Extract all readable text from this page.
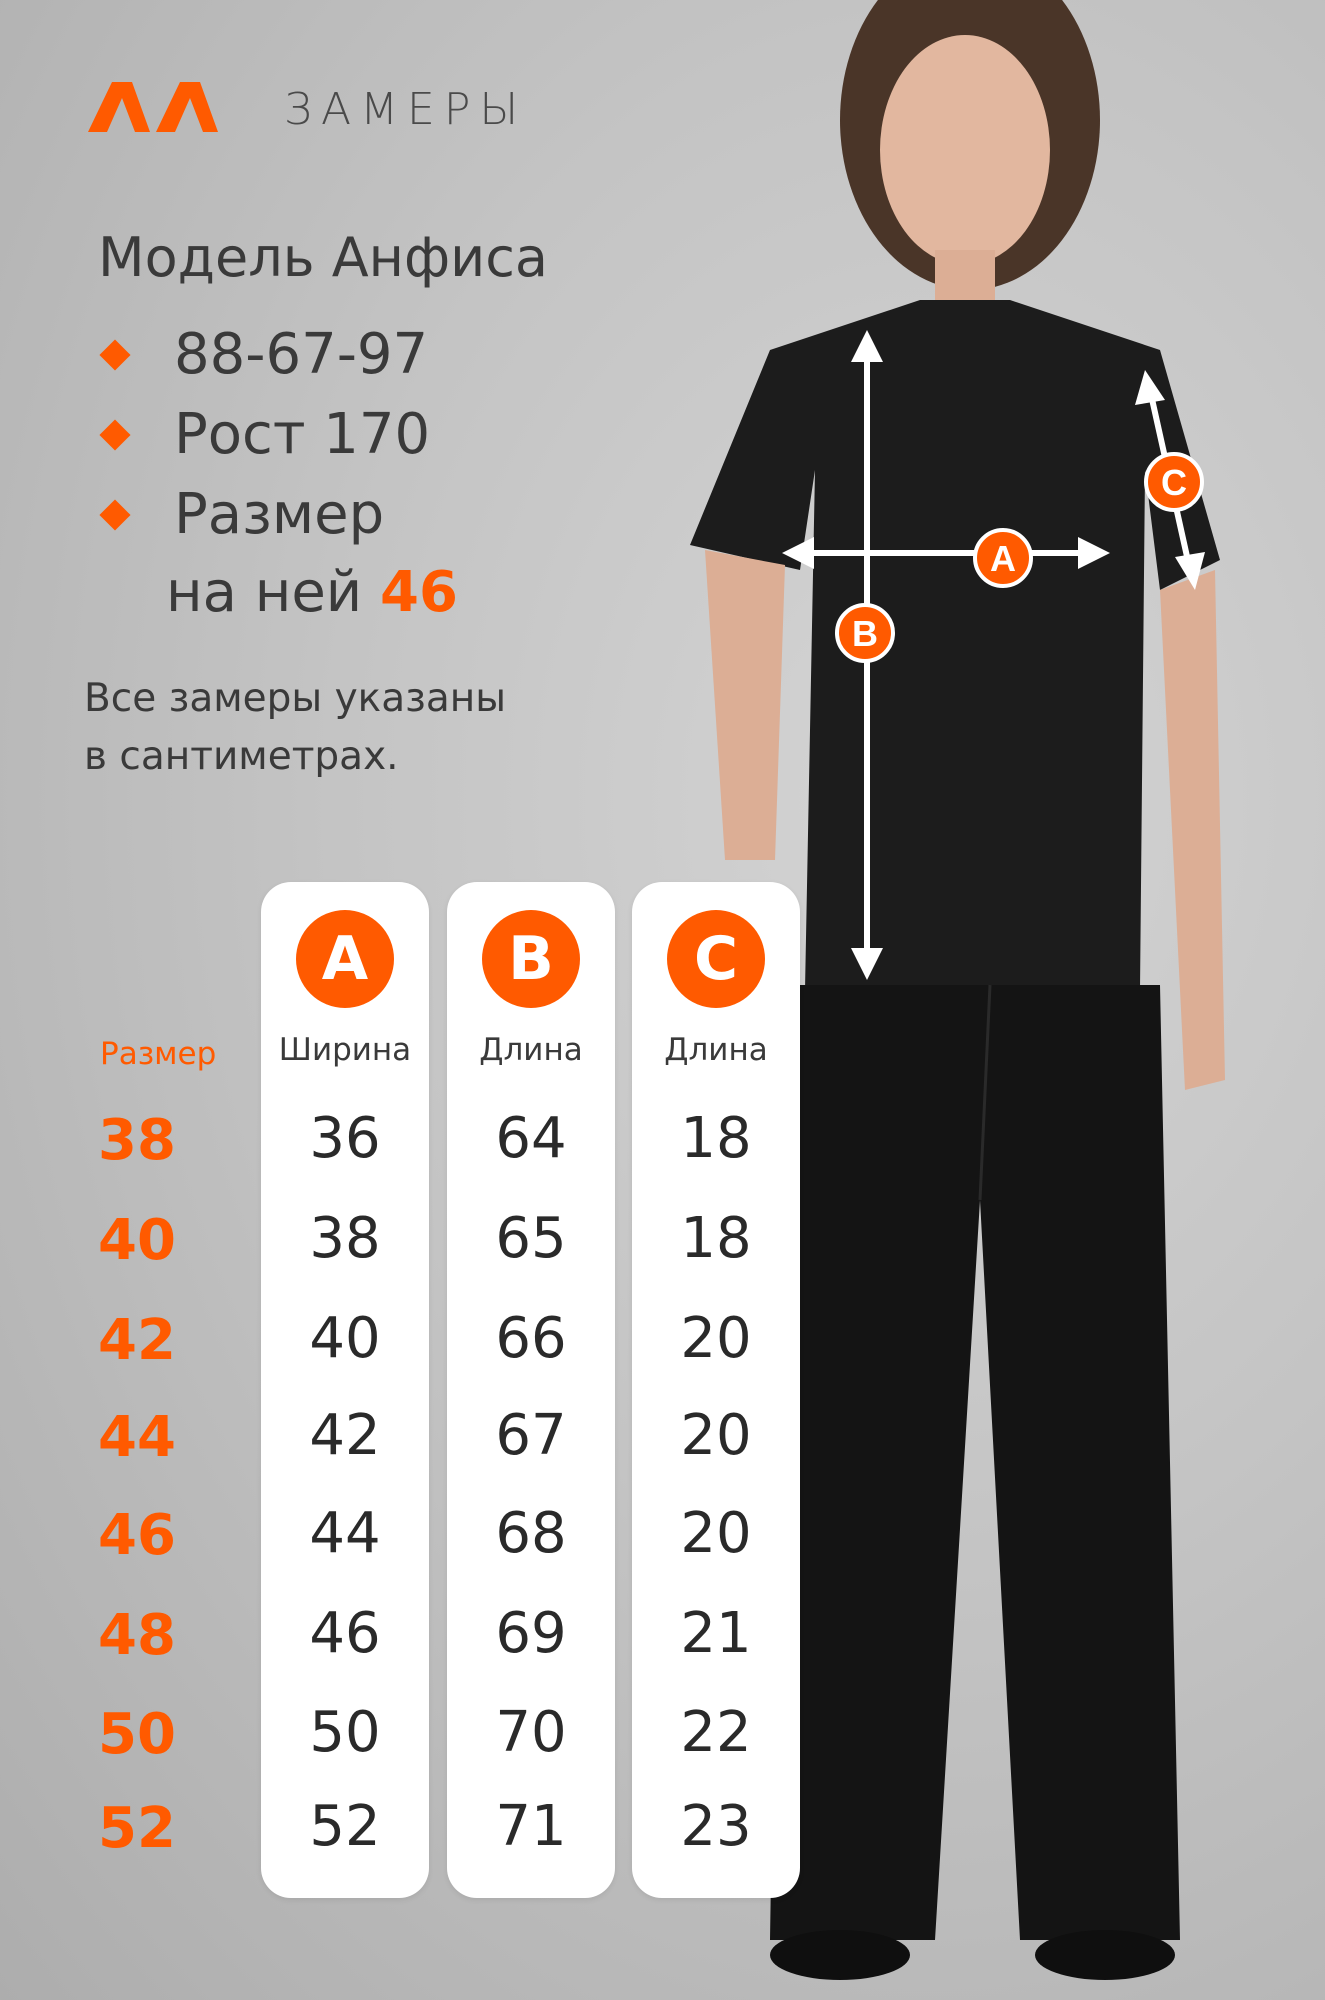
ЗАМЕРЫ
Модель Анфиса
88-67-97
Рост 170
Размер
на ней 46
Все замеры указаны
в сантиметрах.
A
B
C
Размер
38
40
42
44
46
48
50
52
A
Ширина
36
38
40
42
44
46
50
52
B
Длина
64
65
66
67
68
69
70
71
C
Длина
18
18
20
20
20
21
22
23
